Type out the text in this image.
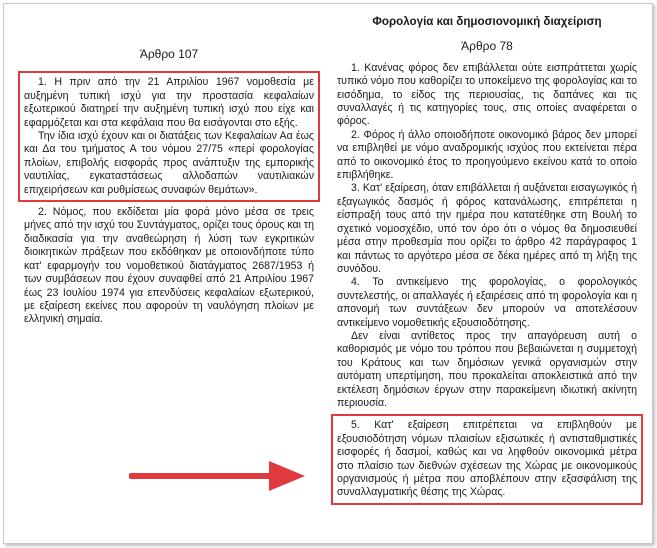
Άρθρο 107

1. Η πριν από την 21 Απριλίου 1967 νομοθεσία με αυξημένη τυπική ισχύ για την προστασία κεφαλαίων εξωτερικού διατηρεί την αυξημένη τυπική ισχύ που είχε και εφαρμόζεται και στα κεφάλαια που θα εισάγονται στο εξής.

Την ίδια ισχύ έχουν και οι διατάξεις των Κεφαλαίων Αα έως και Δα του τμήματος Α του νόμου 27/75 «περί φορολογίας πλοίων, επιβολής εισφοράς προς ανάπτυξιν της εμπορικής ναυτιλίας, εγκαταστάσεως αλλοδαπών ναυτιλιακών επιχειρήσεων και ρυθμίσεως συναφών θεμάτων».

2. Νόμος, που εκδίδεται μία φορά μόνο μέσα σε τρεις μήνες από την ισχύ του Συντάγματος, ορίζει τους όρους και τη διαδικασία για την αναθεώρηση ή λύση των εγκριτικών διοικητικών πράξεων που εκδόθηκαν με οποιονδήποτε τύπο κατ' εφαρμογήν του νομοθετικού διατάγματος 2687/1953 ή των συμβάσεων που έχουν συναφθεί από 21 Απριλίου 1967 έως 23 Ιουλίου 1974 για επενδύσεις κεφαλαίων εξωτερικού, με εξαίρεση εκείνες που αφορούν τη ναυλόγηση πλοίων με ελληνική σημαία.

Φορολογία και δημοσιονομική διαχείριση
Άρθρο 78

1. Κανένας φόρος δεν επιβάλλεται ούτε εισπράττεται χωρίς τυπικό νόμο που καθορίζει το υποκείμενο της φορολογίας και το εισόδημα, το είδος της περιουσίας, τις δαπάνες και τις συναλλαγές ή τις κατηγορίες τους, στις οποίες αναφέρεται ο φόρος.

2. Φόρος ή άλλο οποιοδήποτε οικονομικό βάρος δεν μπορεί να επιβληθεί με νόμο αναδρομικής ισχύος που εκτείνεται πέρα από το οικονομικό έτος το προηγούμενο εκείνου κατά το οποίο επιβλήθηκε.

3. Κατ' εξαίρεση, όταν επιβάλλεται ή αυξάνεται εισαγωγικός ή εξαγωγικός δασμός ή φόρος κατανάλωσης, επιτρέπεται η είσπραξή τους από την ημέρα που κατατέθηκε στη Βουλή το σχετικό νομοσχέδιο, υπό τον όρο ότι ο νόμος θα δημοσιευθεί μέσα στην προθεσμία που ορίζει το άρθρο 42 παράγραφος 1 και πάντως το αργότερο μέσα σε δέκα ημέρες από τη λήξη της συνόδου.

4. Το αντικείμενο της φορολογίας, ο φορολογικός συντελεστής, οι απαλλαγές ή εξαιρέσεις από τη φορολογία και η απονομή των συντάξεων δεν μπορούν να αποτελέσουν αντικείμενο νομοθετικής εξουσιοδότησης.

Δεν είναι αντίθετος προς την απαγόρευση αυτή ο καθορισμός με νόμο του τρόπου που βεβαιώνεται η συμμετοχή του Κράτους και των δημόσιων γενικά οργανισμών στην αυτόματη υπερτίμηση, που προκαλείται αποκλειστικά από την εκτέλεση δημόσιων έργων στην παρακείμενη ιδιωτική ακίνητη περιουσία.

5. Κατ' εξαίρεση επιτρέπεται να επιβληθούν με εξουσιοδότηση νόμων πλαισίων εξισωτικές ή αντισταθμιστικές εισφορές ή δασμοί, καθώς και να ληφθούν οικονομικά μέτρα στο πλαίσιο των διεθνών σχέσεων της Χώρας με οικονομικούς οργανισμούς ή μέτρα που αποβλέπουν στην εξασφάλιση της συναλλαγματικής θέσης της Χώρας.
